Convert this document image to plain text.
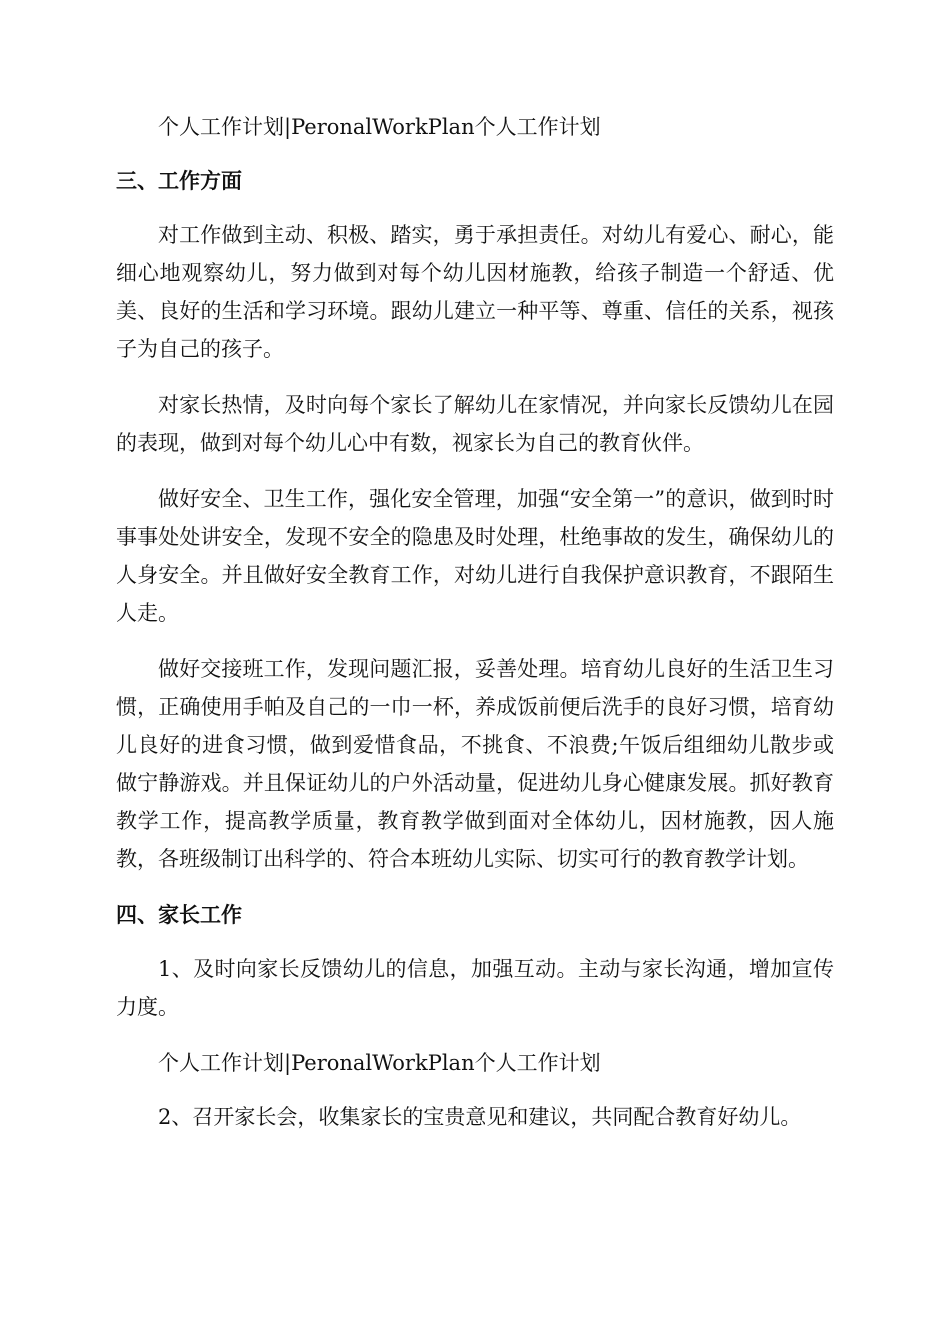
个人工作计划|PeronalWorkPlan个人工作计划

三、工作方面

对工作做到主动、积极、踏实，勇于承担责任。对幼儿有爱心、耐心，能细心地观察幼儿，努力做到对每个幼儿因材施教，给孩子制造一个舒适、优美、良好的生活和学习环境。跟幼儿建立一种平等、尊重、信任的关系，视孩子为自己的孩子。

对家长热情，及时向每个家长了解幼儿在家情况，并向家长反馈幼儿在园的表现，做到对每个幼儿心中有数，视家长为自己的教育伙伴。

做好安全、卫生工作，强化安全管理，加强“安全第一”的意识，做到时时事事处处讲安全，发现不安全的隐患及时处理，杜绝事故的发生，确保幼儿的人身安全。并且做好安全教育工作，对幼儿进行自我保护意识教育，不跟陌生人走。

做好交接班工作，发现问题汇报，妥善处理。培育幼儿良好的生活卫生习惯，正确使用手帕及自己的一巾一杯，养成饭前便后洗手的良好习惯，培育幼儿良好的进食习惯，做到爱惜食品，不挑食、不浪费;午饭后组细幼儿散步或做宁静游戏。并且保证幼儿的户外活动量，促进幼儿身心健康发展。抓好教育教学工作，提高教学质量，教育教学做到面对全体幼儿，因材施教，因人施教，各班级制订出科学的、符合本班幼儿实际、切实可行的教育教学计划。

四、家长工作

1、及时向家长反馈幼儿的信息，加强互动。主动与家长沟通，增加宣传力度。

个人工作计划|PeronalWorkPlan个人工作计划

2、召开家长会，收集家长的宝贵意见和建议，共同配合教育好幼儿。
